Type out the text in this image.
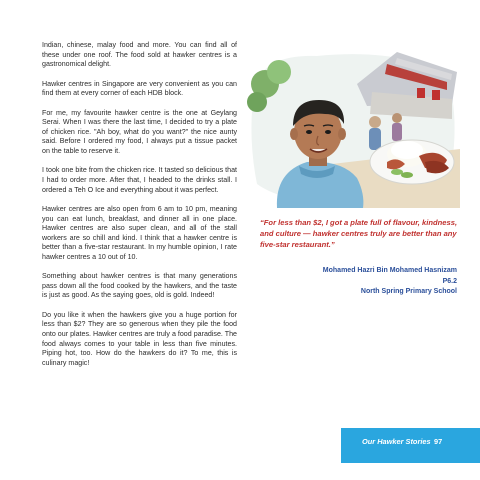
Indian, chinese, malay food and more. You can find all of these under one roof. The food sold at hawker centres is a gastronomical delight.

Hawker centres in Singapore are very convenient as you can find them at every corner of each HDB block.

For me, my favourite hawker centre is the one at Geylang Serai. When I was there the last time, I decided to try a plate of chicken rice. "Ah boy, what do you want?" the nice aunty said. Before I ordered my food, I always put a tissue packet on the table to reserve it.

I took one bite from the chicken rice. It tasted so delicious that I had to order more. After that, I headed to the drinks stall. I ordered a Teh O Ice and everything about it was perfect.

Hawker centres are also open from 6 am to 10 pm, meaning you can eat lunch, breakfast, and dinner all in one place. Hawker centres are also super clean, and all of the stall workers are so chill and kind. I think that a hawker centre is better than a five-star restaurant. In my humble opinion, I rate hawker centres a 10 out of 10.

Something about hawker centres is that many generations pass down all the food cooked by the hawkers, and the taste is just as good. As the saying goes, old is gold. Indeed!

Do you like it when the hawkers give you a huge portion for less than $2? They are so generous when they pile the food onto our plates. Hawker centres are truly a food paradise. The food always comes to your table in less than five minutes. Piping hot, too. How do the hawkers do it? To me, this is culinary magic!

“For less than $2, I got a plate full of flavour, kindness, and culture — hawker centres truly are better than any five-star restaurant.”

Mohamed Hazri Bin Mohamed Hasnizam
P6.2
North Spring Primary School
Our Hawker Stories 97
